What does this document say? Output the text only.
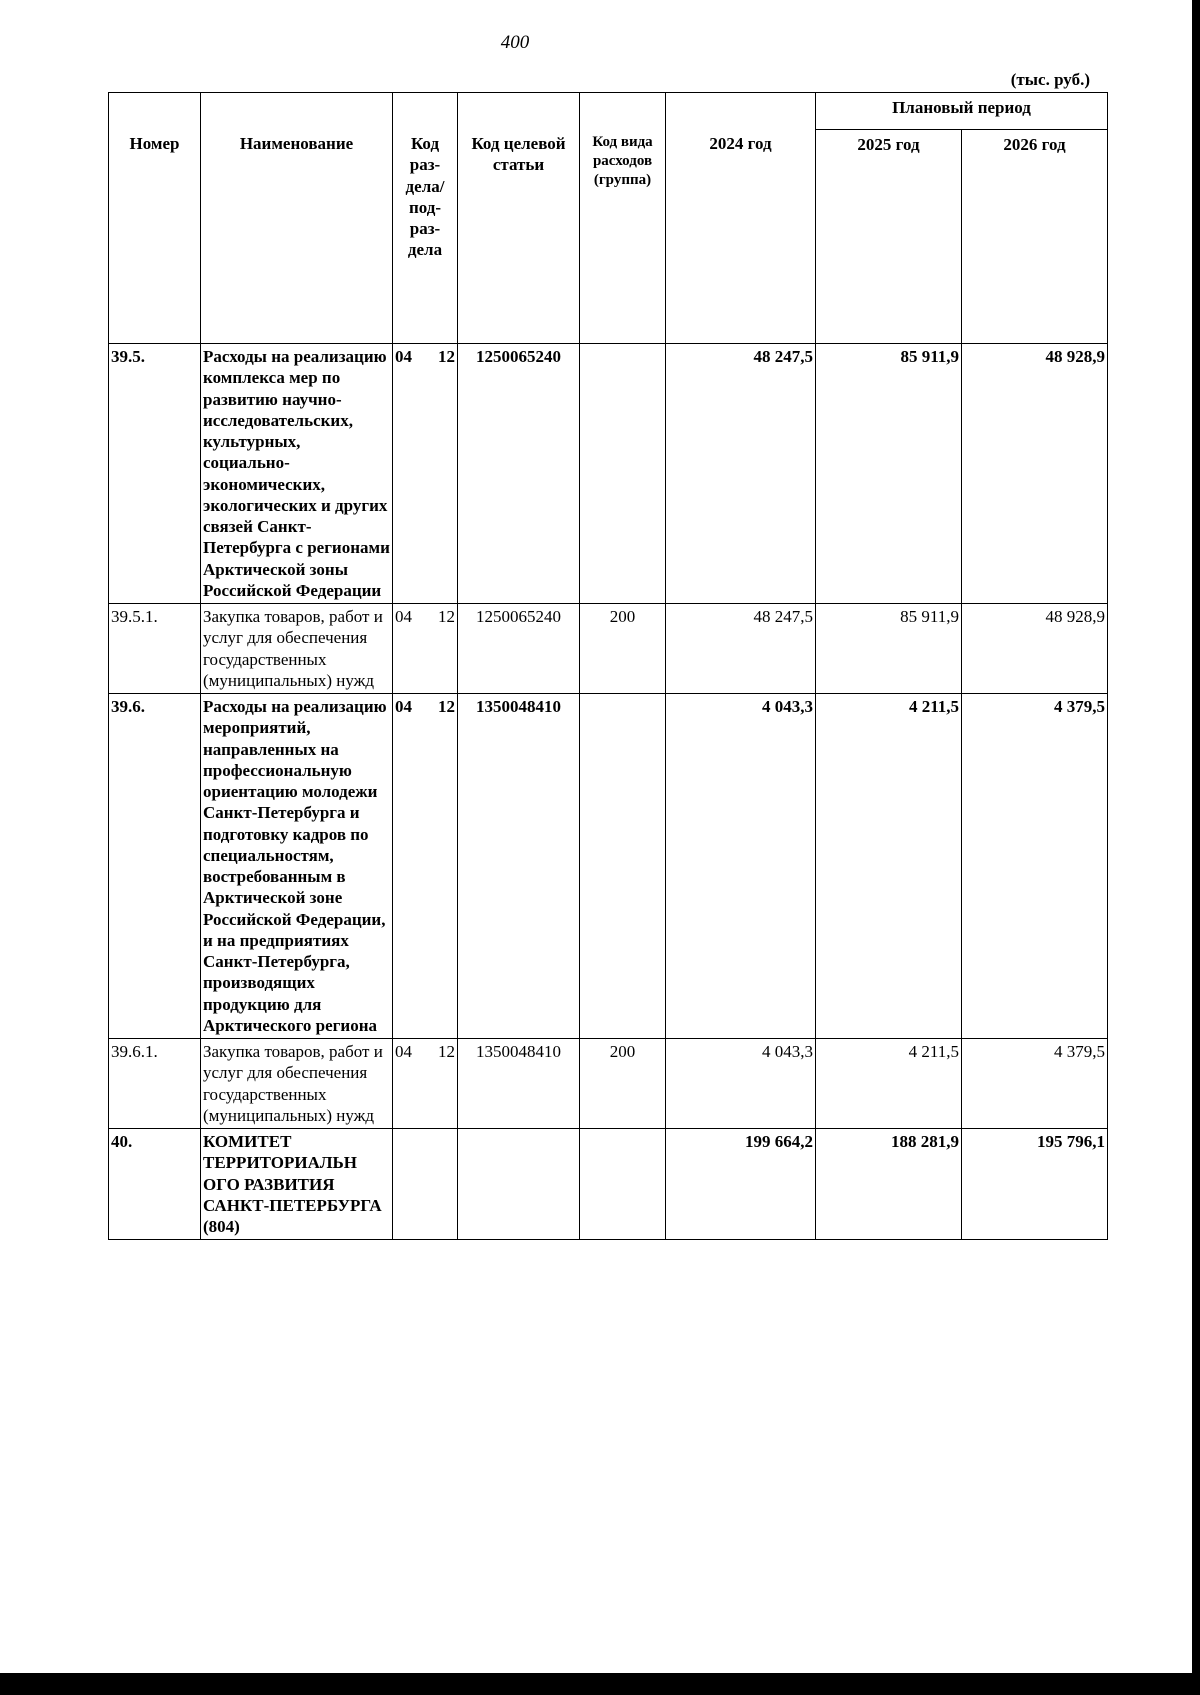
400
(тыс. руб.)
Номер	Наименование	Код раз-дела/ под-раз-дела	Код целевой статьи	Код вида расходов (группа)	2024 год	Плановый период	
						2025 год	2026 год
39.5.	Расходы на реализацию комплекса мер по развитию научно-исследовательских, культурных, социально-экономических, экологических и других связей Санкт-Петербурга с регионами Арктической зоны Российской Федерации	04 12	1250065240		48 247,5	85 911,9	48 928,9
39.5.1.	Закупка товаров, работ и услуг для обеспечения государственных (муниципальных) нужд	04 12	1250065240	200	48 247,5	85 911,9	48 928,9
39.6.	Расходы на реализацию мероприятий, направленных на профессиональную ориентацию молодежи Санкт-Петербурга и подготовку кадров по специальностям, востребованным в Арктической зоне Российской Федерации, и на предприятиях Санкт-Петербурга, производящих продукцию для Арктического региона	04 12	1350048410		4 043,3	4 211,5	4 379,5
39.6.1.	Закупка товаров, работ и услуг для обеспечения государственных (муниципальных) нужд	04 12	1350048410	200	4 043,3	4 211,5	4 379,5
40.	КОМИТЕТ ТЕРРИТОРИАЛЬН ОГО РАЗВИТИЯ САНКТ-ПЕТЕРБУРГА (804)				199 664,2	188 281,9	195 796,1
